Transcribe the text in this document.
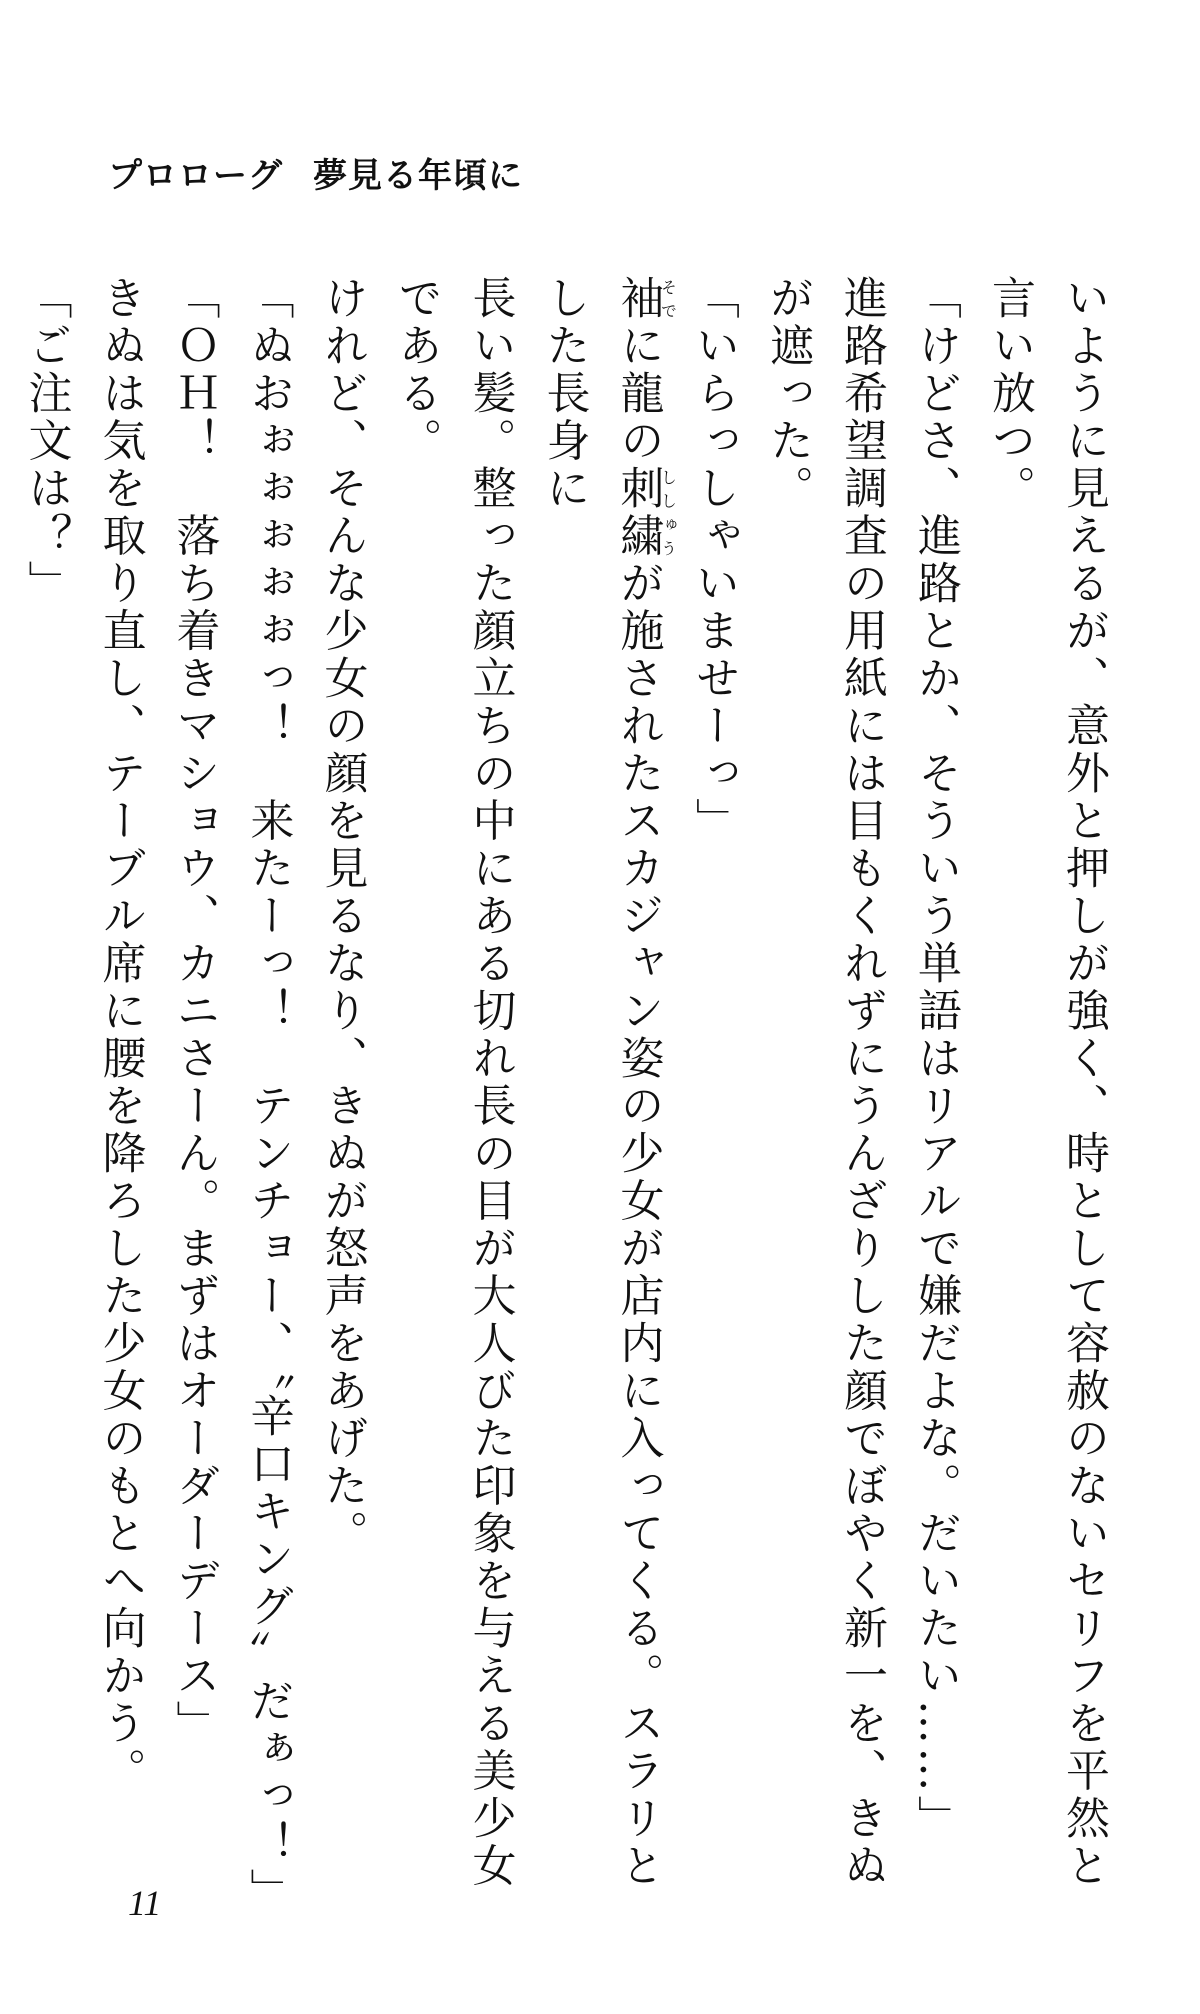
プロローグ 夢見る年頃に

いように見えるが、意外と押しが強く、時として容赦のないセリフを平然と言い放つ。

「けどさ、進路とか、そういう単語はリアルで嫌だよな。だいたい……」

進路希望調査の用紙には目もくれずにうんざりした顔でぼやく新一を、きぬが遮った。

「いらっしゃいませーっ」

袖そでに龍の刺繍ししゅうが施されたスカジャン姿の少女が店内に入ってくる。スラリとした長身に

長い髪。整った顔立ちの中にある切れ長の目が大人びた印象を与える美少女である。

けれど、そんな少女の顔を見るなり、きぬが怒声をあげた。

「ぬおぉぉぉぉぉっ！　来たーっ！　テンチョー、〝辛口キング〟だぁっ！」

「ＯＨ！　落ち着きマショウ、カニさーん。まずはオーダーデース」

きぬは気を取り直し、テーブル席に腰を降ろした少女のもとへ向かう。

「ご注文は？」

11
